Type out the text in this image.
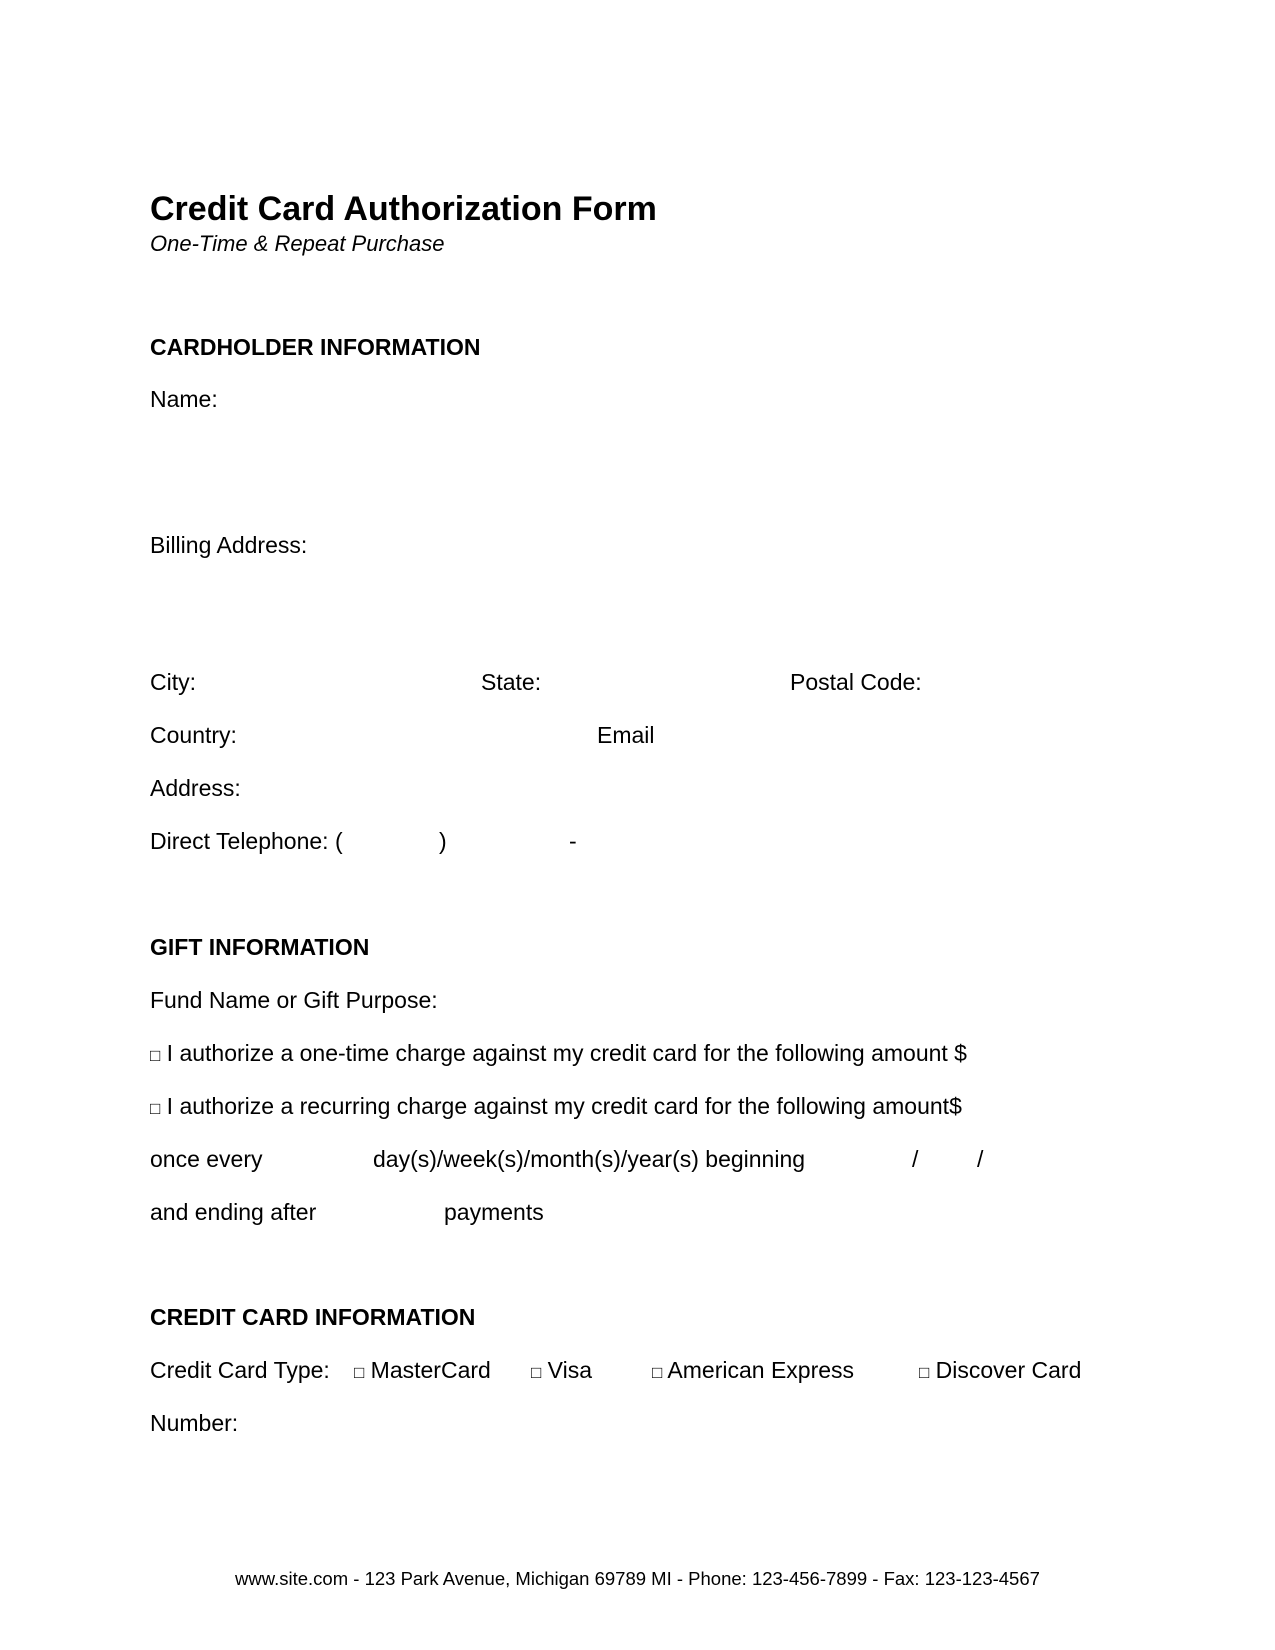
Credit Card Authorization Form
One-Time & Repeat Purchase
CARDHOLDER INFORMATION
Name:
Billing Address:
City:	State:	Postal Code:
Country:	Email
Address:
Direct Telephone: (	)	-
GIFT INFORMATION
Fund Name or Gift Purpose:
□ I authorize a one-time charge against my credit card for the following amount $
□ I authorize a recurring charge against my credit card for the following amount$
once every	day(s)/week(s)/month(s)/year(s) beginning	/	/
and ending after	payments
CREDIT CARD INFORMATION
Credit Card Type: □ MasterCard □ Visa	□ American Express	□ Discover Card
Number:
www.site.com - 123 Park Avenue, Michigan 69789 MI - Phone: 123-456-7899 - Fax: 123-123-4567
